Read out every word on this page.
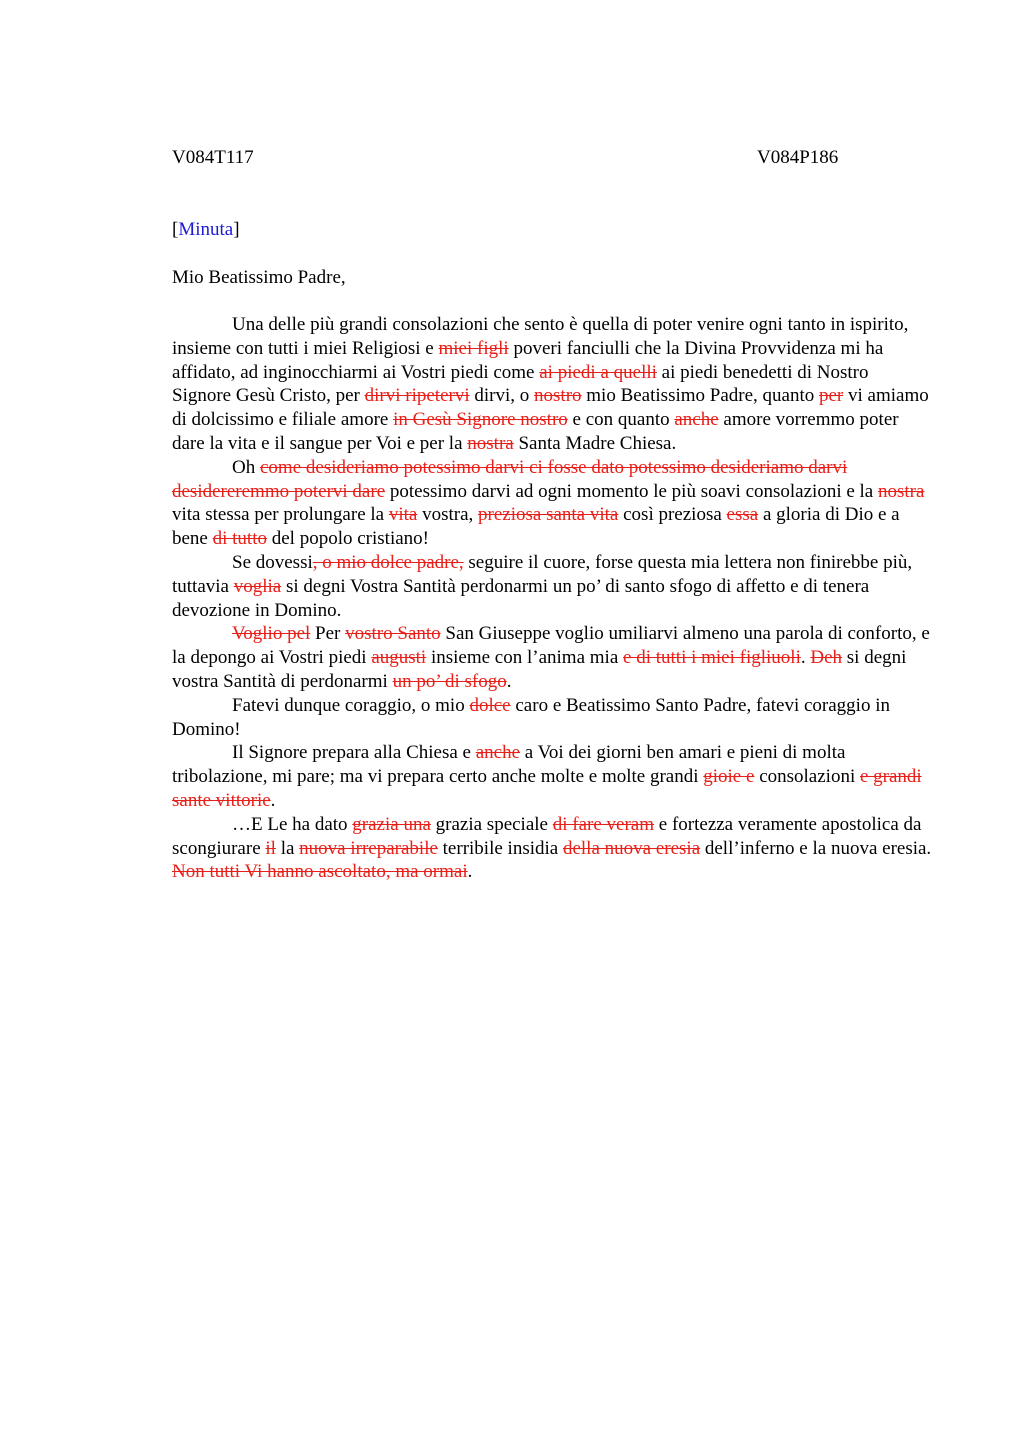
V084T117	V084P186
[Minuta]
Mio Beatissimo Padre,

Una delle più grandi consolazioni che sento è quella di poter venire ogni tanto in ispirito, insieme con tutti i miei Religiosi e miei figli poveri fanciulli che la Divina Provvidenza mi ha affidato, ad inginocchiarmi ai Vostri piedi come ai piedi a quelli ai piedi benedetti di Nostro Signore Gesù Cristo, per dirvi ripetervi dirvi, o nostro mio Beatissimo Padre, quanto per vi amiamo di dolcissimo e filiale amore in Gesù Signore nostro e con quanto anche amore vorremmo poter dare la vita e il sangue per Voi e per la nostra Santa Madre Chiesa.

Oh come desideriamo potessimo darvi ci fosse dato potessimo desideriamo darvi desidereremmo potervi dare potessimo darvi ad ogni momento le più soavi consolazioni e la nostra vita stessa per prolungare la vita vostra, preziosa santa vita così preziosa essa a gloria di Dio e a bene di tutto del popolo cristiano!

Se dovessi, o mio dolce padre, seguire il cuore, forse questa mia lettera non finirebbe più, tuttavia voglia si degni Vostra Santità perdonarmi un po’ di santo sfogo di affetto e di tenera devozione in Domino.

Voglio pel Per vostro Santo San Giuseppe voglio umiliarvi almeno una parola di conforto, e la depongo ai Vostri piedi augusti insieme con l’anima mia e di tutti i miei figliuoli. Deh si degni vostra Santità di perdonarmi un po’ di sfogo.

Fatevi dunque coraggio, o mio dolce caro e Beatissimo Santo Padre, fatevi coraggio in Domino!

Il Signore prepara alla Chiesa e anche a Voi dei giorni ben amari e pieni di molta tribolazione, mi pare; ma vi prepara certo anche molte e molte grandi gioie e consolazioni e grandi sante vittorie.

…E Le ha dato grazia una grazia speciale di fare veram e fortezza veramente apostolica da scongiurare il la nuova irreparabile terribile insidia della nuova eresia dell’inferno e la nuova eresia. Non tutti Vi hanno ascoltato, ma ormai.
